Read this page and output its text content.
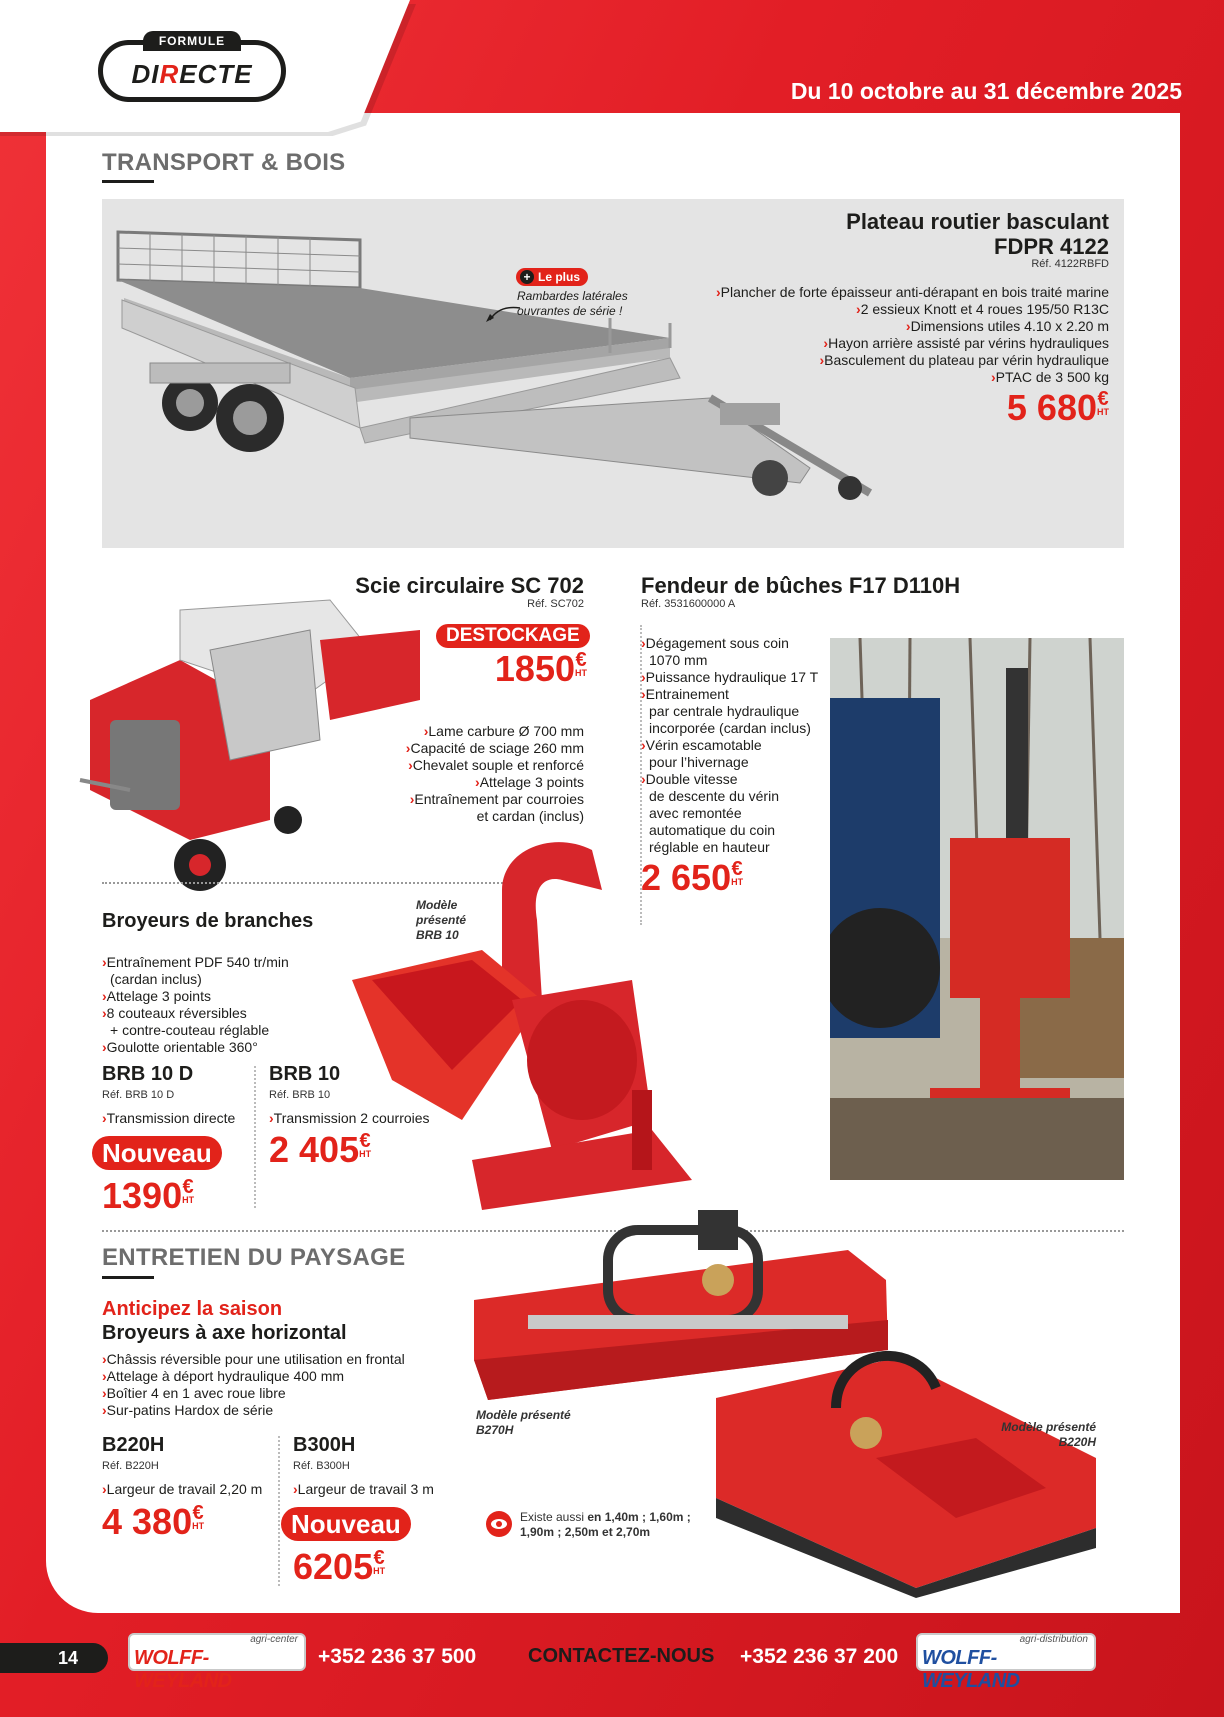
FORMULE
DIRECTE
Du 10 octobre au 31 décembre 2025
TRANSPORT & BOIS
+ Le plus
Rambardes latérales
ouvrantes de série !
Plateau routier basculant
FDPR 4122
Réf. 4122RBFD
›Plancher de forte épaisseur anti-dérapant en bois traité marine
›2 essieux Knott et 4 roues 195/50 R13C
›Dimensions utiles 4.10 x 2.20 m
›Hayon arrière assisté par vérins hydrauliques
›Basculement du plateau par vérin hydraulique
›PTAC de 3 500 kg
5 680€
HT
Scie circulaire SC 702
Réf. SC702
DESTOCKAGE
1850€
HT
›Lame carbure Ø 700 mm
›Capacité de sciage 260 mm
›Chevalet souple et renforcé
›Attelage 3 points
›Entraînement par courroies
et cardan (inclus)
Fendeur de bûches F17 D110H
Réf. 3531600000 A
›Dégagement sous coin
1070 mm
›Puissance hydraulique 17 T
›Entrainement
par centrale hydraulique
incorporée (cardan inclus)
›Vérin escamotable
pour l’hivernage
›Double vitesse
de descente du vérin
avec remontée
automatique du coin
réglable en hauteur
2 650€
HT
Broyeurs de branches
Modèle
présenté
BRB 10
›Entraînement PDF 540 tr/min
(cardan inclus)
›Attelage 3 points
›8 couteaux réversibles
+ contre-couteau réglable
›Goulotte orientable 360°
BRB 10 D
Réf. BRB 10 D
›Transmission directe
Nouveau
1390€
HT
BRB 10
Réf. BRB 10
›Transmission 2 courroies
2 405€
HT
ENTRETIEN DU PAYSAGE
Anticipez la saison
Broyeurs à axe horizontal
›Châssis réversible pour une utilisation en frontal
›Attelage à déport hydraulique 400 mm
›Boîtier 4 en 1 avec roue libre
›Sur-patins Hardox de série
B220H
Réf. B220H
›Largeur de travail 2,20 m
4 380€
HT
B300H
Réf. B300H
›Largeur de travail 3 m
Nouveau
6205€
HT
Modèle présenté
B270H	Modèle présenté
B220H
Existe aussi en 1,40m ; 1,60m ;
1,90m ; 2,50m et 2,70m
14
agri-center
WOLFF-WEYLAND
+352 236 37 500	CONTACTEZ-NOUS +352 236 37 200
agri-distribution
WOLFF-WEYLAND
